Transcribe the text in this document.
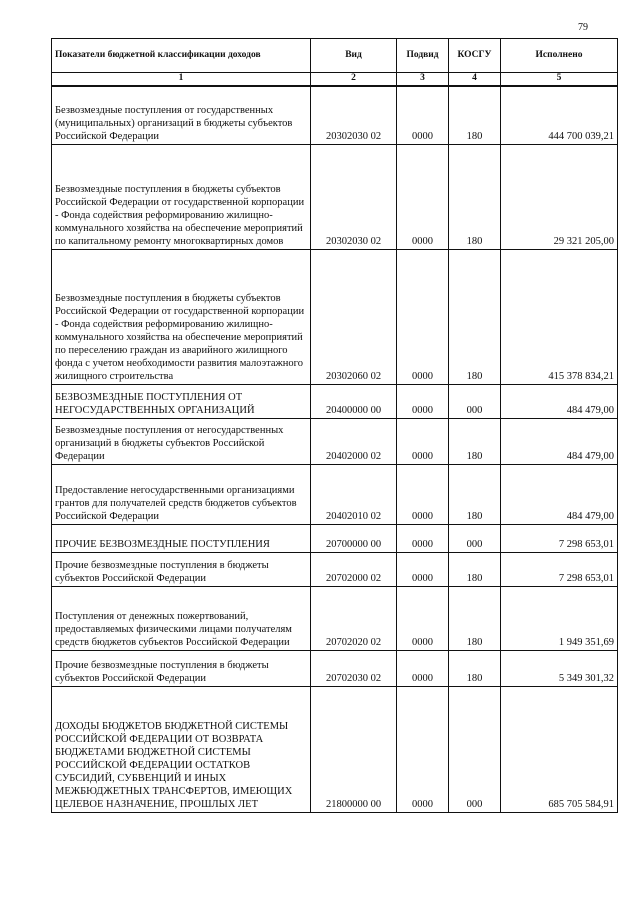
79
Показатели бюджетной классификации доходов	Вид	Подвид	КОСГУ	Исполнено
1	2	3	4	5
Безвозмездные поступления от государственных (муниципальных) организаций в бюджеты субъектов Российской Федерации	20302030 02	0000	180	444 700 039,21
Безвозмездные поступления в бюджеты субъектов Российской Федерации от государственной корпорации - Фонда содействия реформированию жилищно-коммунального хозяйства на обеспечение мероприятий по капитальному ремонту многоквартирных домов	20302030 02	0000	180	29 321 205,00
Безвозмездные поступления в бюджеты субъектов Российской Федерации от государственной корпорации - Фонда содействия реформированию жилищно-коммунального хозяйства на обеспечение мероприятий по переселению граждан из аварийного жилищного фонда с учетом необходимости развития малоэтажного жилищного строительства	20302060 02	0000	180	415 378 834,21
БЕЗВОЗМЕЗДНЫЕ ПОСТУПЛЕНИЯ ОТ НЕГОСУДАРСТВЕННЫХ ОРГАНИЗАЦИЙ	20400000 00	0000	000	484 479,00
Безвозмездные поступления от негосударственных организаций в бюджеты субъектов Российской Федерации	20402000 02	0000	180	484 479,00
Предоставление негосударственными организациями грантов для получателей средств бюджетов субъектов Российской Федерации	20402010 02	0000	180	484 479,00
ПРОЧИЕ БЕЗВОЗМЕЗДНЫЕ ПОСТУПЛЕНИЯ	20700000 00	0000	000	7 298 653,01
Прочие безвозмездные поступления в бюджеты субъектов Российской Федерации	20702000 02	0000	180	7 298 653,01
Поступления от денежных пожертвований, предоставляемых физическими лицами получателям средств бюджетов субъектов Российской Федерации	20702020 02	0000	180	1 949 351,69
Прочие безвозмездные поступления в бюджеты субъектов Российской Федерации	20702030 02	0000	180	5 349 301,32
ДОХОДЫ БЮДЖЕТОВ БЮДЖЕТНОЙ СИСТЕМЫ РОССИЙСКОЙ ФЕДЕРАЦИИ ОТ ВОЗВРАТА БЮДЖЕТАМИ БЮДЖЕТНОЙ СИСТЕМЫ РОССИЙСКОЙ ФЕДЕРАЦИИ ОСТАТКОВ СУБСИДИЙ, СУБВЕНЦИЙ И ИНЫХ МЕЖБЮДЖЕТНЫХ ТРАНСФЕРТОВ, ИМЕЮЩИХ ЦЕЛЕВОЕ НАЗНАЧЕНИЕ, ПРОШЛЫХ ЛЕТ	21800000 00	0000	000	685 705 584,91
